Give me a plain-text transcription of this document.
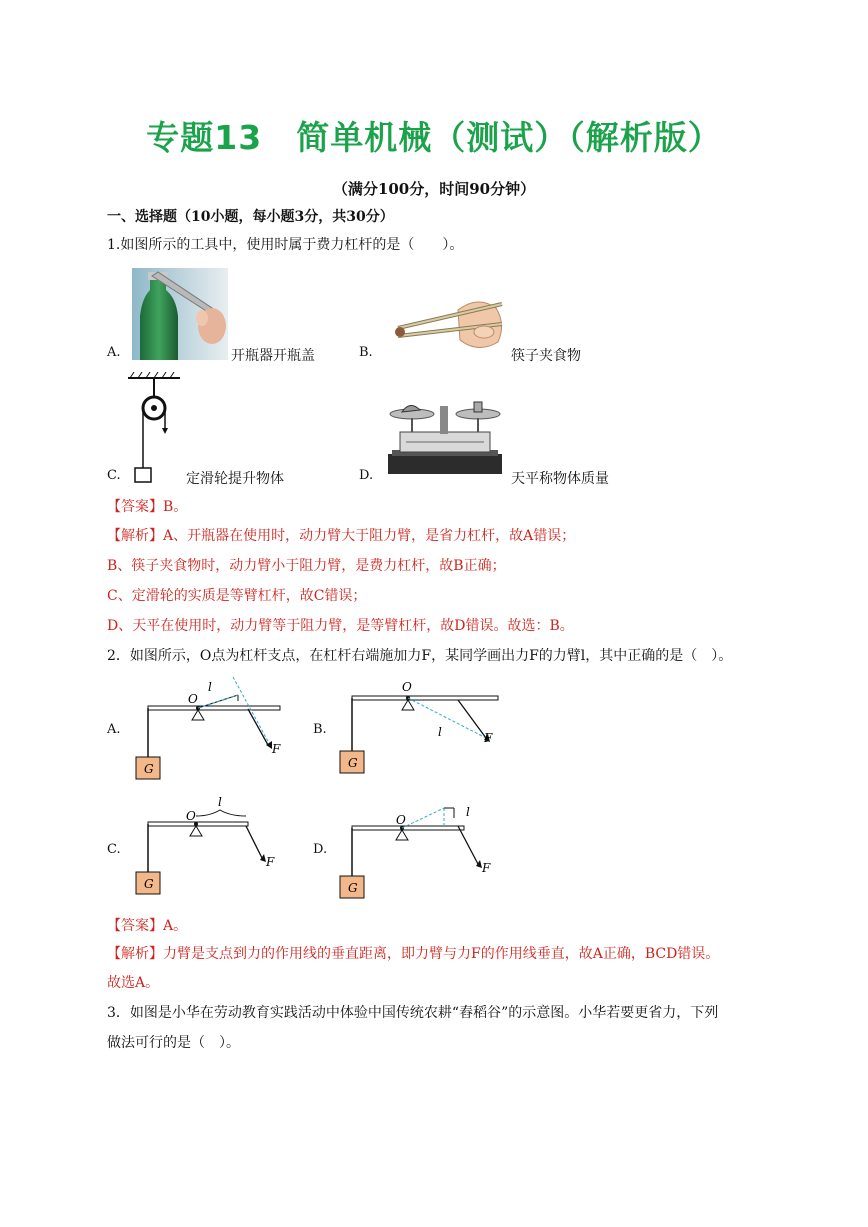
专题13　简单机械（测试）（解析版）
（满分100分，时间90分钟）
一、选择题（10小题，每小题3分，共30分）
1.如图所示的工具中，使用时属于费力杠杆的是（　　）。
A.	开瓶器开瓶盖	B.	筷子夹食物
C.	定滑轮提升物体	D.	天平称物体质量
【答案】B。
【解析】A、开瓶器在使用时，动力臂大于阻力臂，是省力杠杆，故A错误；
B、筷子夹食物时，动力臂小于阻力臂，是费力杠杆，故B正确；
C、定滑轮的实质是等臂杠杆，故C错误；
D、天平在使用时，动力臂等于阻力臂，是等臂杠杆，故D错误。故选：B。
2．如图所示，O点为杠杆支点，在杠杆右端施加力F，某同学画出力F的力臂l，其中正确的是（　）。
A.
G
O
l
F
B.
G
O
F
l
C.
G
O
l
F
D.
G
O
F
l
【答案】A。
【解析】力臂是支点到力的作用线的垂直距离，即力臂与力F的作用线垂直，故A正确，BCD错误。
故选A。
3．如图是小华在劳动教育实践活动中体验中国传统农耕“舂稻谷”的示意图。小华若要更省力，下列
做法可行的是（　）。
